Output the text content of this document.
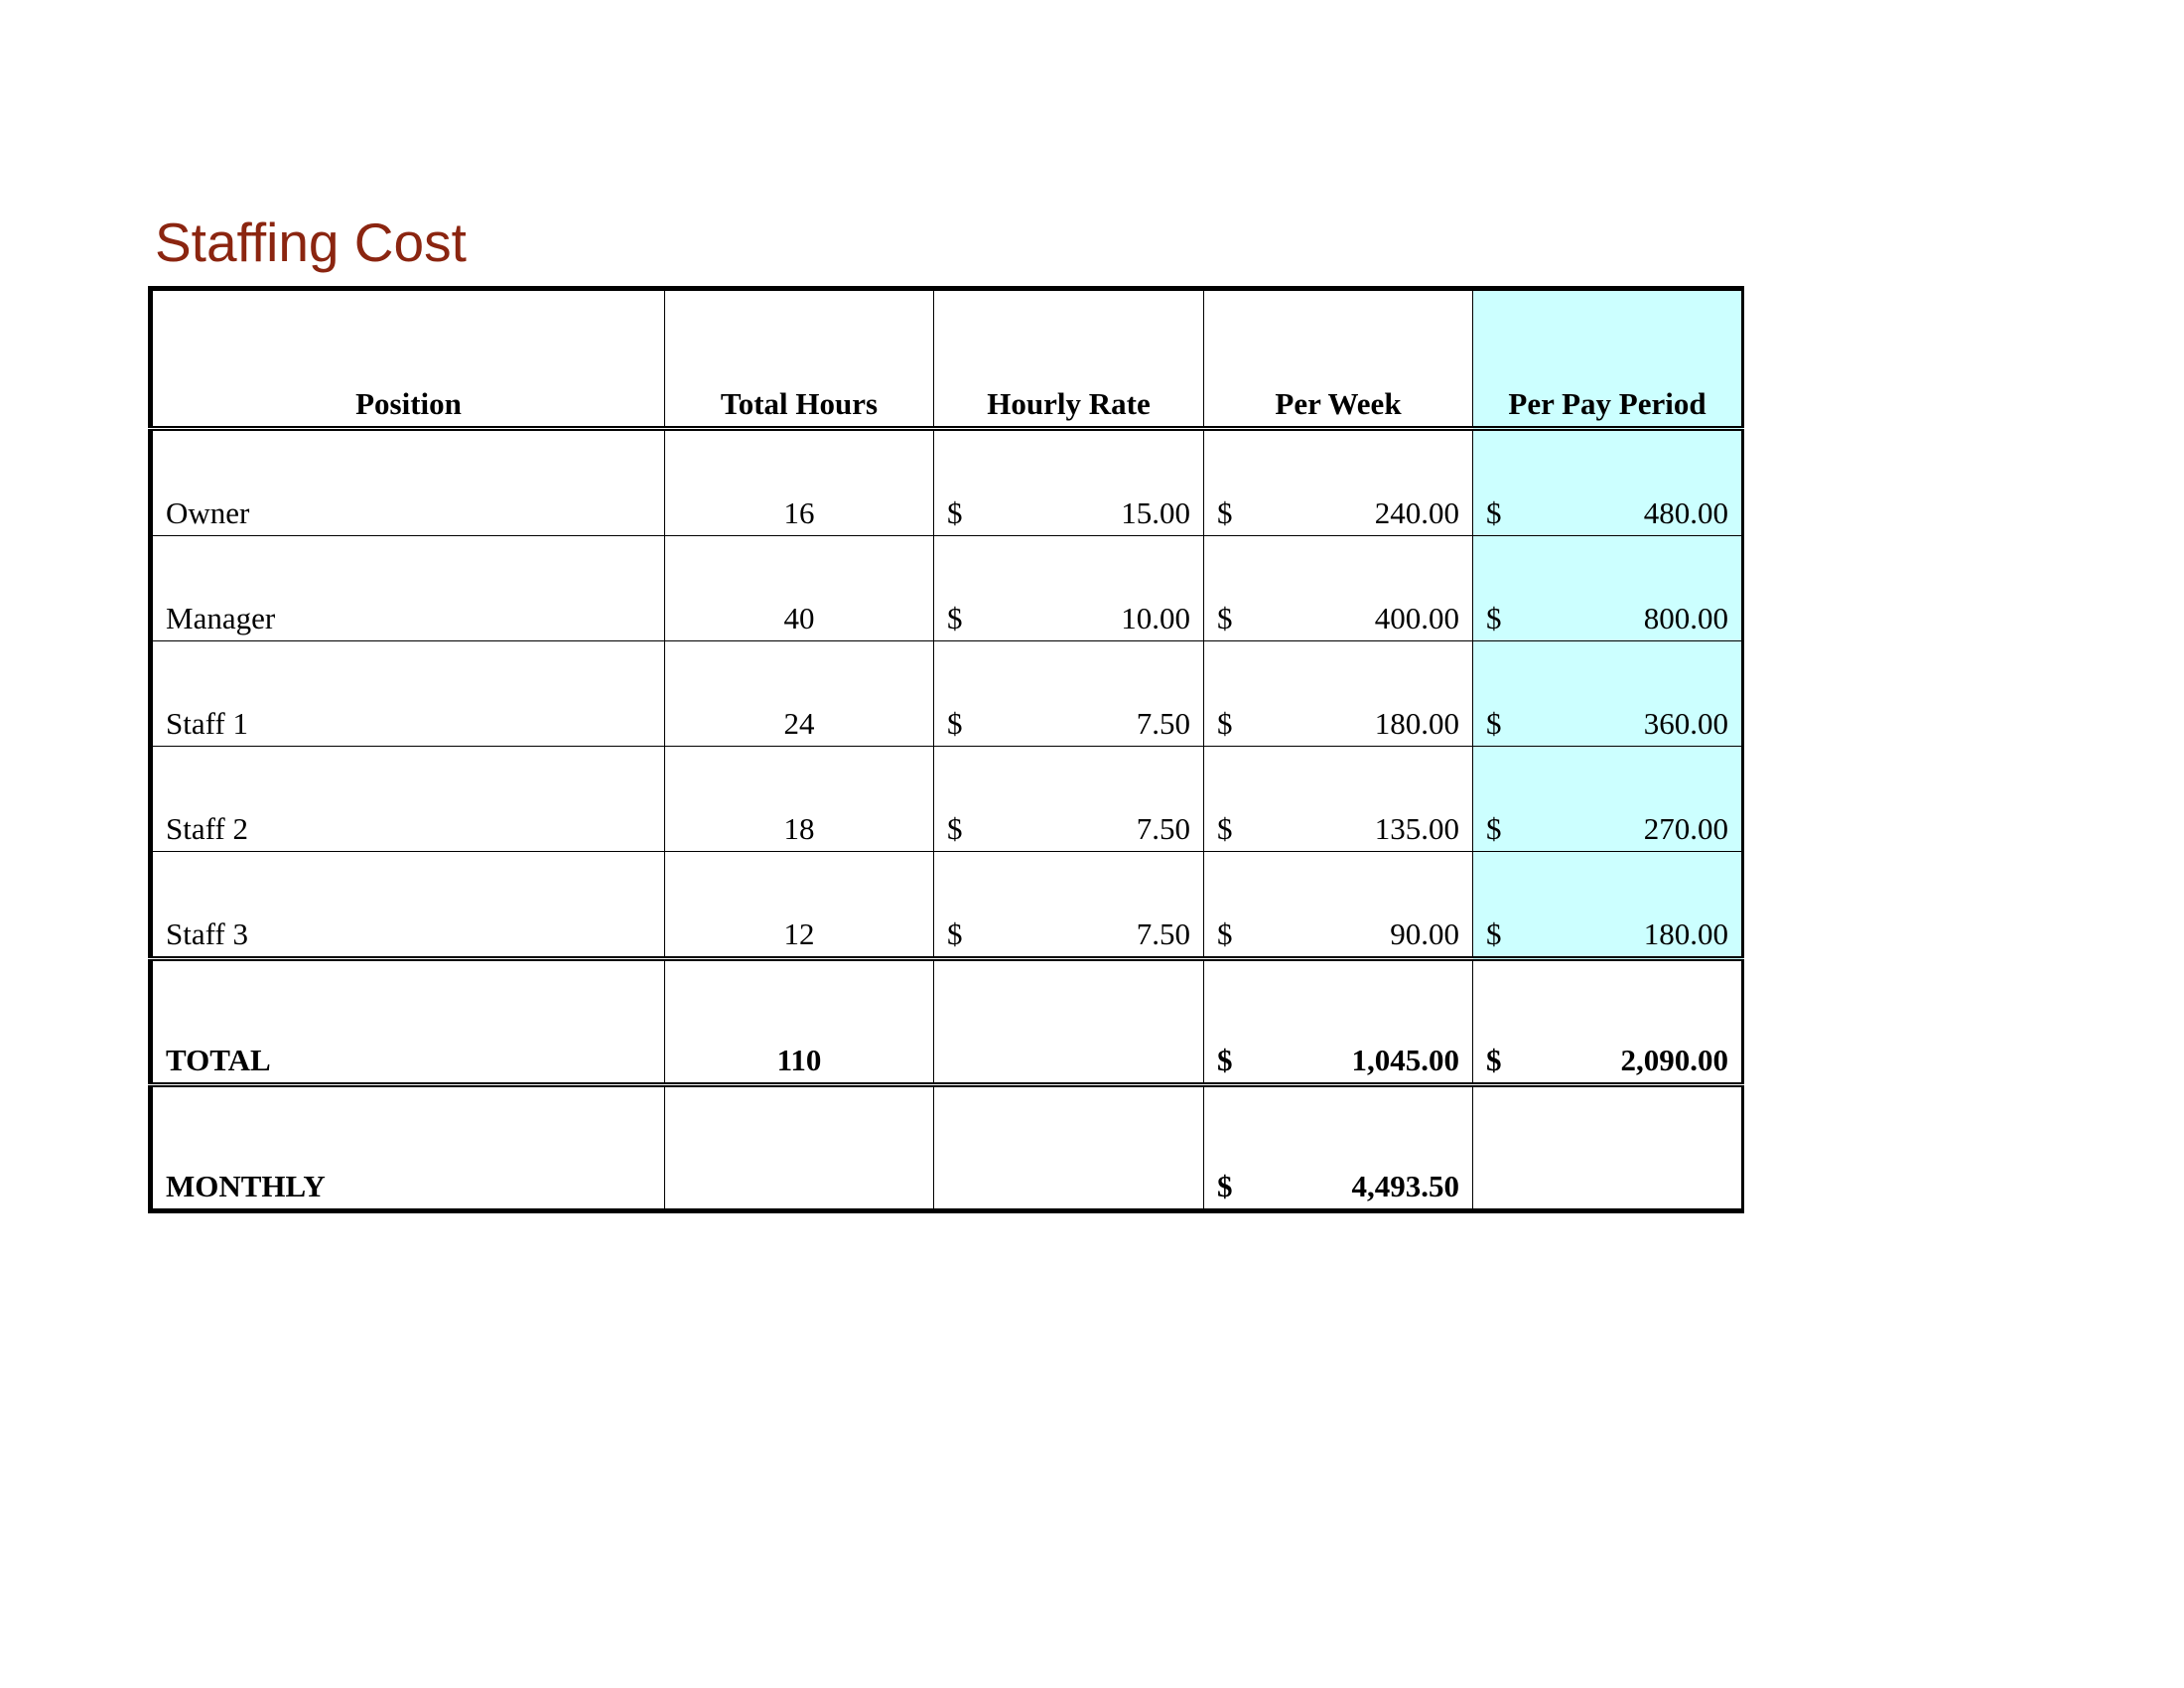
Staffing Cost
Position	Total Hours	Hourly Rate	Per Week	Per Pay Period
Owner	16	$ 15.00	$ 240.00	$ 480.00

Manager	40	$ 10.00	$ 400.00	$ 800.00

Staff 1	24	$ 7.50	$ 180.00	$ 360.00

Staff 2	18	$ 7.50	$ 135.00	$ 270.00

Staff 3	12	$ 7.50	$ 90.00	$ 180.00

TOTAL	110		$ 1,045.00	$ 2,090.00

MONTHLY			$ 4,493.50	
